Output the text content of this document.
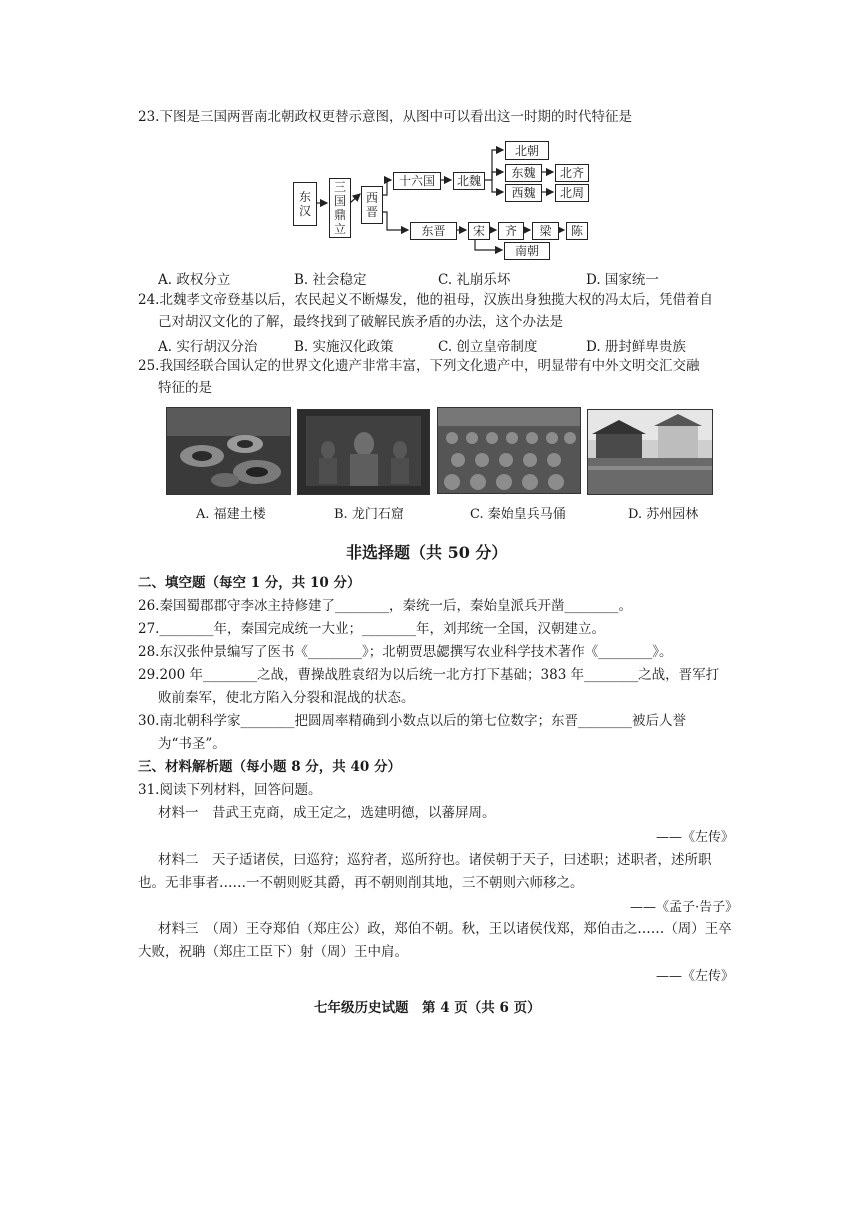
23.下图是三国两晋南北朝政权更替示意图，从图中可以看出这一时期的时代特征是
东
汉
三
国
鼎
立
西
晋
十六国	北魏
北朝
东魏	北齐
西魏	北周
东晋	宋	齐	梁	陈
南朝
A. 政权分立	B. 社会稳定	C. 礼崩乐坏	D. 国家统一
24.北魏孝文帝登基以后，农民起义不断爆发，他的祖母，汉族出身独揽大权的冯太后，凭借着自
己对胡汉文化的了解，最终找到了破解民族矛盾的办法，这个办法是
A. 实行胡汉分治	B. 实施汉化政策	C. 创立皇帝制度	D. 册封鲜卑贵族
25.我国经联合国认定的世界文化遗产非常丰富，下列文化遗产中，明显带有中外文明交汇交融
特征的是
A. 福建土楼	B. 龙门石窟	C. 秦始皇兵马俑	D. 苏州园林
非选择题（共 50 分）
二、填空题（每空 1 分，共 10 分）
26.秦国蜀郡郡守李冰主持修建了________，秦统一后，秦始皇派兵开凿________。
27.________年，秦国完成统一大业；________年，刘邦统一全国，汉朝建立。
28.东汉张仲景编写了医书《________》；北朝贾思勰撰写农业科学技术著作《________》。
29.200 年________之战，曹操战胜袁绍为以后统一北方打下基础；383 年________之战，晋军打
败前秦军，使北方陷入分裂和混战的状态。
30.南北朝科学家________把圆周率精确到小数点以后的第七位数字；东晋________被后人誉
为“书圣”。
三、材料解析题（每小题 8 分，共 40 分）
31.阅读下列材料，回答问题。
材料一　昔武王克商，成王定之，选建明德，以蕃屏周。
——《左传》
材料二　天子适诸侯，曰巡狩；巡狩者，巡所狩也。诸侯朝于天子，曰述职；述职者，述所职
也。无非事者……一不朝则贬其爵，再不朝则削其地，三不朝则六师移之。
——《孟子·告子》
材料三　（周）王夺郑伯（郑庄公）政，郑伯不朝。秋，王以诸侯伐郑，郑伯击之……（周）王卒
大败，祝聃（郑庄工臣下）射（周）王中肩。
——《左传》
七年级历史试题　第 4 页（共 6 页）
